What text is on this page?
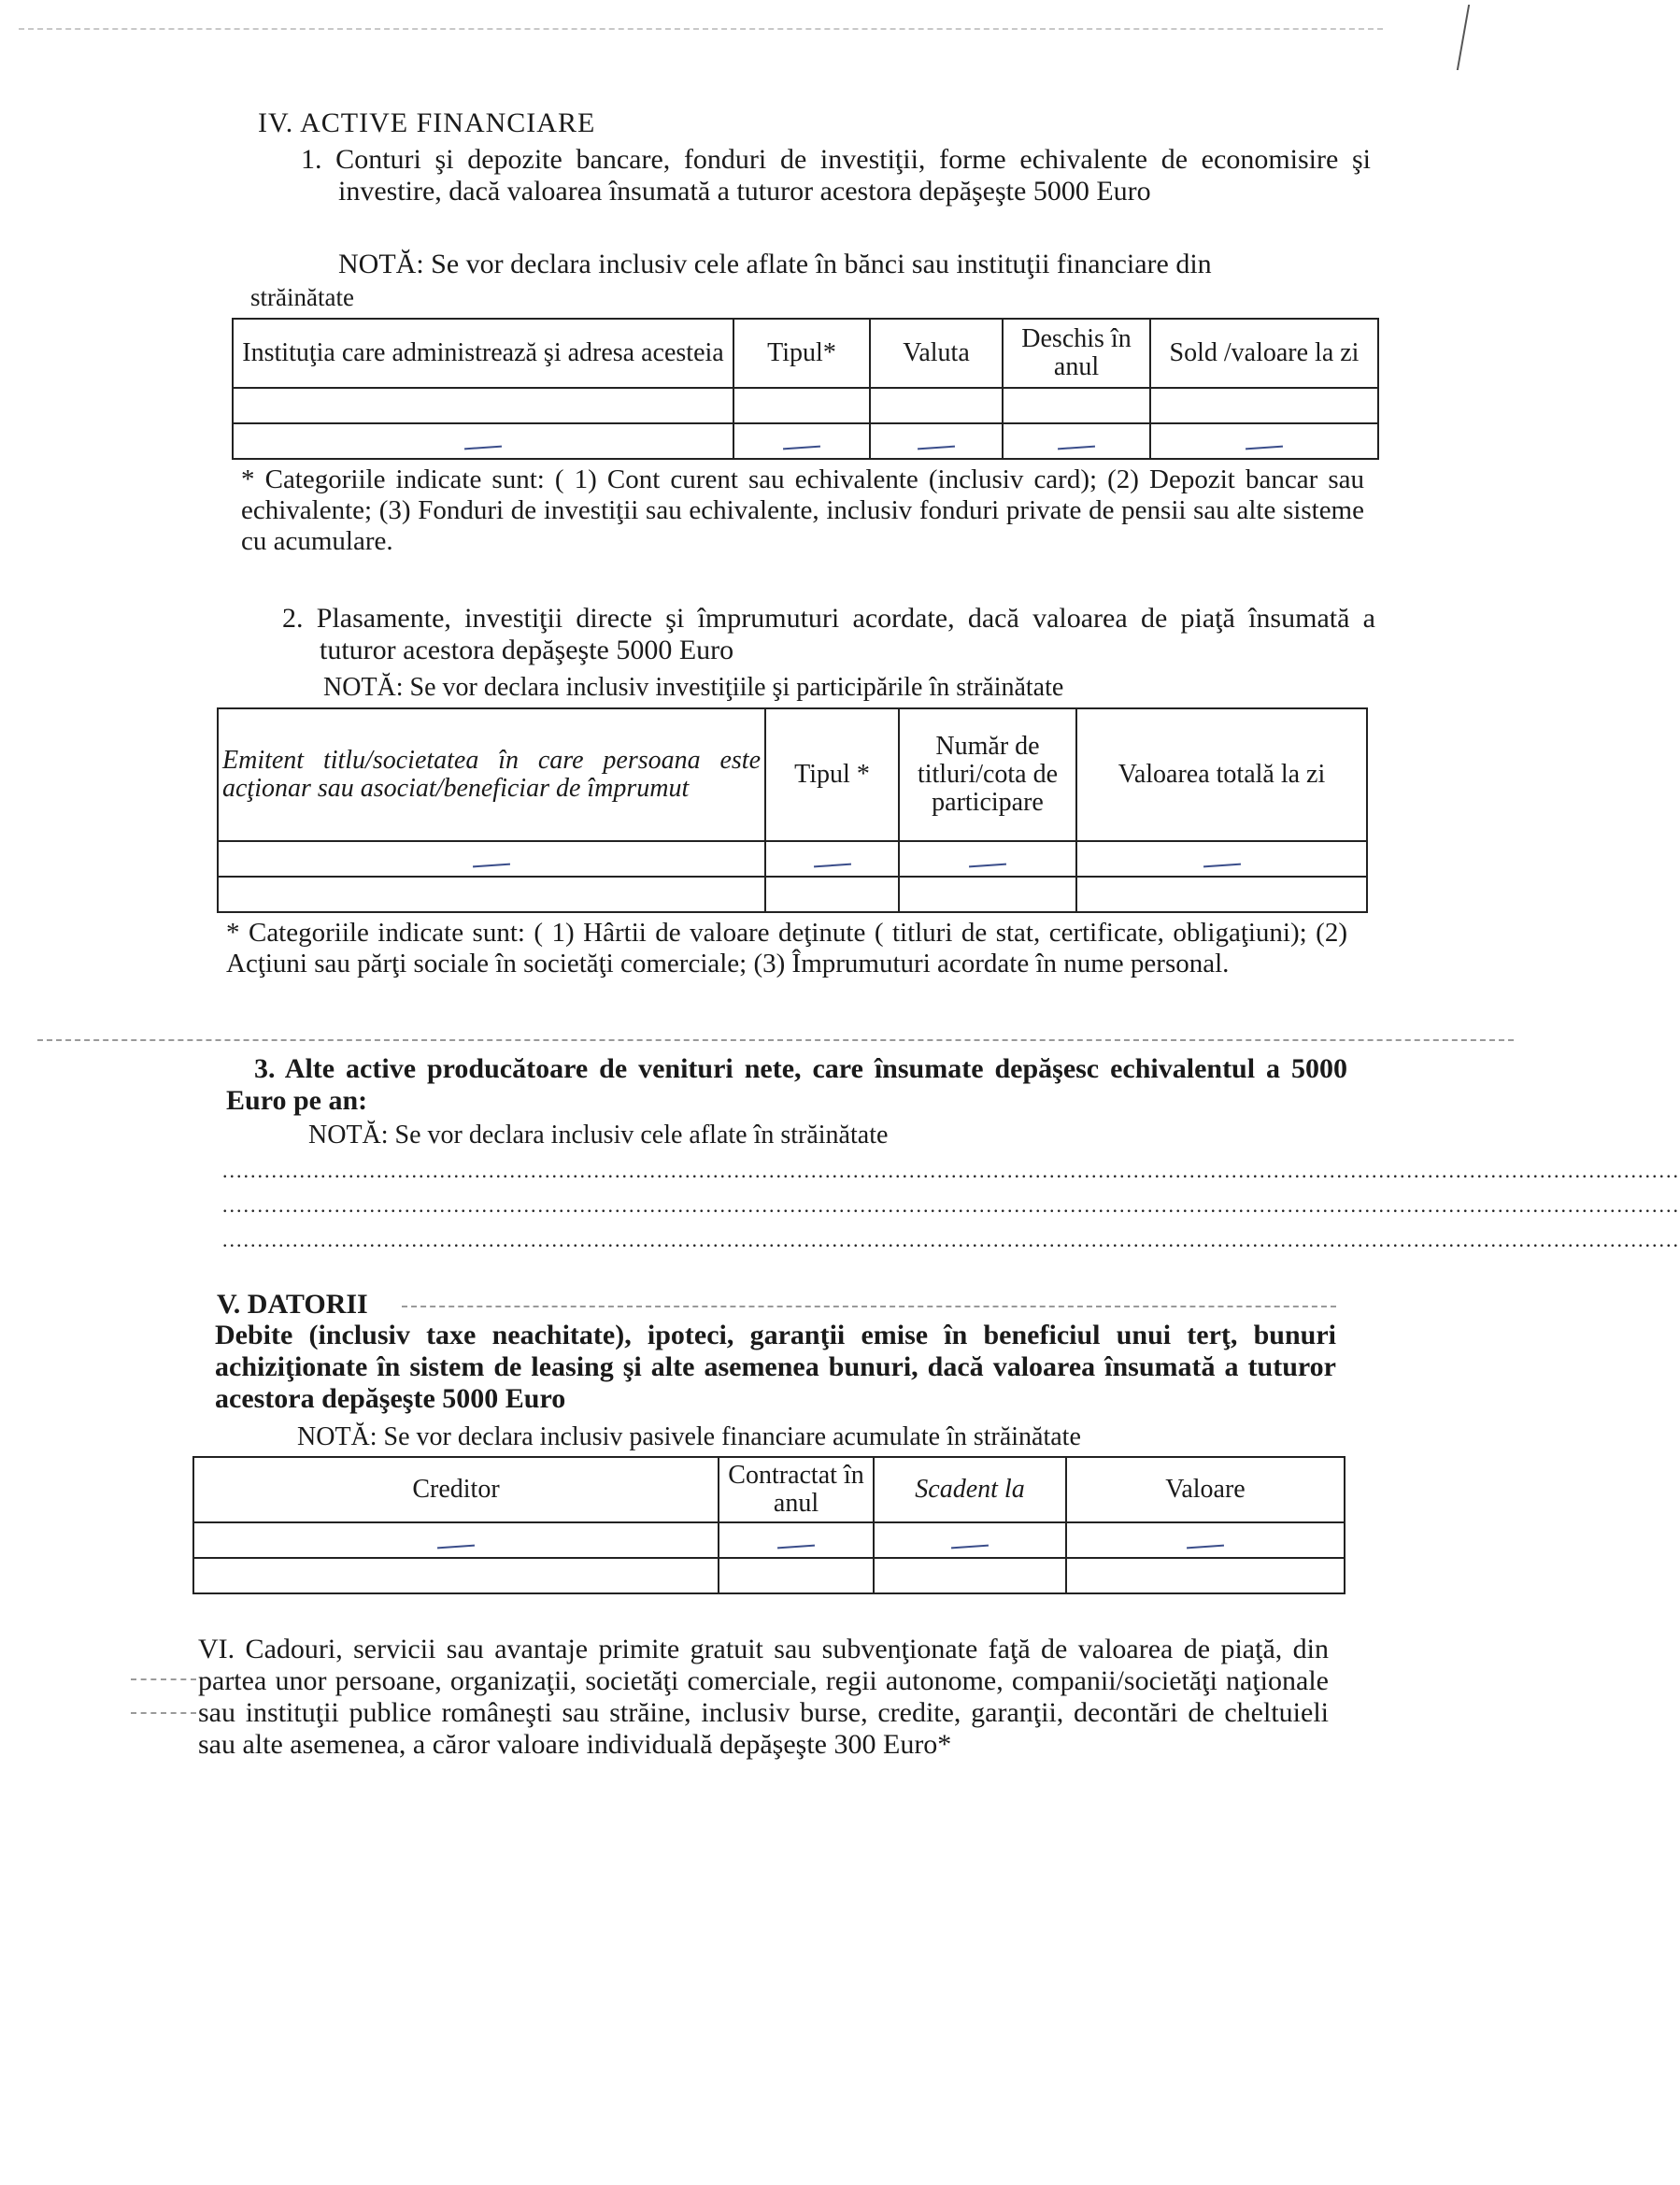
IV. ACTIVE FINANCIARE
1. Conturi şi depozite bancare, fonduri de investiţii, forme echivalente de economisire şi investire, dacă valoarea însumată a tuturor acestora depăşeşte 5000 Euro
NOTĂ: Se vor declara inclusiv cele aflate în bănci sau instituţii financiare din
străinătate
Instituţia care administrează şi adresa acesteia	Tipul*	Valuta	Deschis în anul	Sold /valoare la zi

* Categoriile indicate sunt: ( 1) Cont curent sau echivalente (inclusiv card); (2) Depozit bancar sau echivalente; (3) Fonduri de investiţii sau echivalente, inclusiv fonduri private de pensii sau alte sisteme cu acumulare.
2. Plasamente, investiţii directe şi împrumuturi acordate, dacă valoarea de piaţă însumată a tuturor acestora depăşeşte 5000 Euro
NOTĂ: Se vor declara inclusiv investiţiile şi participările în străinătate
Emitent titlu/societatea în care persoana este acţionar sau asociat/beneficiar de împrumut	Tipul *	Număr de titluri/cota de participare	Valoarea totală la zi

* Categoriile indicate sunt: ( 1) Hârtii de valoare deţinute ( titluri de stat, certificate, obligaţiuni); (2) Acţiuni sau părţi sociale în societăţi comerciale; (3) Împrumuturi acordate în nume personal.
3. Alte active producătoare de venituri nete, care însumate depăşesc echivalentul a 5000 Euro pe an:
NOTĂ: Se vor declara inclusiv cele aflate în străinătate
................................................................................................................................................................................................................
................................................................................................................................................................................................................
................................................................................................................................................................................................................
V. DATORII
Debite (inclusiv taxe neachitate), ipoteci, garanţii emise în beneficiul unui terţ, bunuri achiziţionate în sistem de leasing şi alte asemenea bunuri, dacă valoarea însumată a tuturor acestora depăşeşte 5000 Euro
NOTĂ: Se vor declara inclusiv pasivele financiare acumulate în străinătate
Creditor	Contractat în anul	Scadent la	Valoare

VI. Cadouri, servicii sau avantaje primite gratuit sau subvenţionate faţă de valoarea de piaţă, din partea unor persoane, organizaţii, societăţi comerciale, regii autonome, companii/societăţi naţionale sau instituţii publice româneşti sau străine, inclusiv burse, credite, garanţii, decontări de cheltuieli sau alte asemenea, a căror valoare individuală depăşeşte 300 Euro*
